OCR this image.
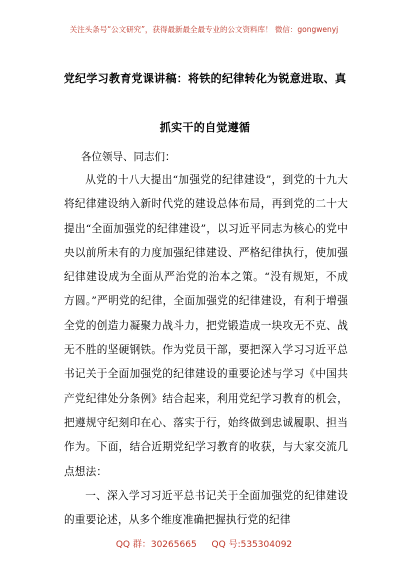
关注头条号“公文研究”，获得最新最全最专业的公文资料库！ 微信：gongwenyj
党纪学习教育党课讲稿：将铁的纪律转化为锐意进取、真
抓实干的自觉遵循
各位领导、同志们：

从党的十八大提出“加强党的纪律建设”，到党的十九大将纪律建设纳入新时代党的建设总体布局，再到党的二十大提出“全面加强党的纪律建设”，以习近平同志为核心的党中央以前所未有的力度加强纪律建设、严格纪律执行，使加强纪律建设成为全面从严治党的治本之策。“没有规矩，不成方圆。”严明党的纪律，全面加强党的纪律建设，有利于增强全党的创造力凝聚力战斗力，把党锻造成一块攻无不克、战无不胜的坚硬钢铁。作为党员干部，要把深入学习习近平总书记关于全面加强党的纪律建设的重要论述与学习《中国共产党纪律处分条例》结合起来，利用党纪学习教育的机会，把遵规守纪刻印在心、落实于行，始终做到忠诚履职、担当作为。下面，结合近期党纪学习教育的收获，与大家交流几点想法：

一、深入学习习近平总书记关于全面加强党的纪律建设的重要论述，从多个维度准确把握执行党的纪律

QQ 群：30265665 QQ 号:535304092
